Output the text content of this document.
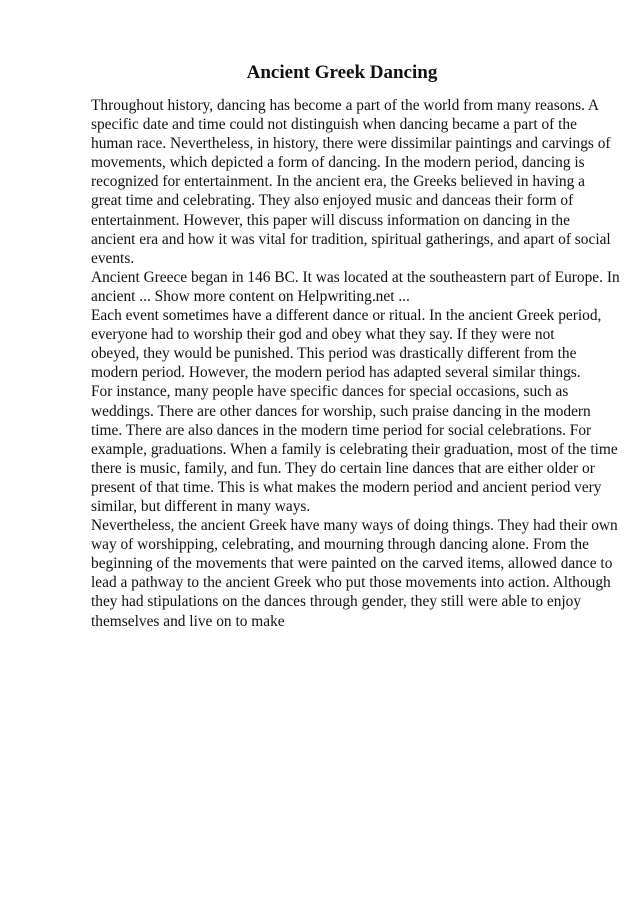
Ancient Greek Dancing
Throughout history, dancing has become a part of the world from many reasons. A
specific date and time could not distinguish when dancing became a part of the
human race. Nevertheless, in history, there were dissimilar paintings and carvings of
movements, which depicted a form of dancing. In the modern period, dancing is
recognized for entertainment. In the ancient era, the Greeks believed in having a
great time and celebrating. They also enjoyed music and danceas their form of
entertainment. However, this paper will discuss information on dancing in the
ancient era and how it was vital for tradition, spiritual gatherings, and apart of social
events.
Ancient Greece began in 146 BC. It was located at the southeastern part of Europe. In
ancient ... Show more content on Helpwriting.net ...
Each event sometimes have a different dance or ritual. In the ancient Greek period,
everyone had to worship their god and obey what they say. If they were not
obeyed, they would be punished. This period was drastically different from the
modern period. However, the modern period has adapted several similar things.
For instance, many people have specific dances for special occasions, such as
weddings. There are other dances for worship, such praise dancing in the modern
time. There are also dances in the modern time period for social celebrations. For
example, graduations. When a family is celebrating their graduation, most of the time
there is music, family, and fun. They do certain line dances that are either older or
present of that time. This is what makes the modern period and ancient period very
similar, but different in many ways.
Nevertheless, the ancient Greek have many ways of doing things. They had their own
way of worshipping, celebrating, and mourning through dancing alone. From the
beginning of the movements that were painted on the carved items, allowed dance to
lead a pathway to the ancient Greek who put those movements into action. Although
they had stipulations on the dances through gender, they still were able to enjoy
themselves and live on to make
